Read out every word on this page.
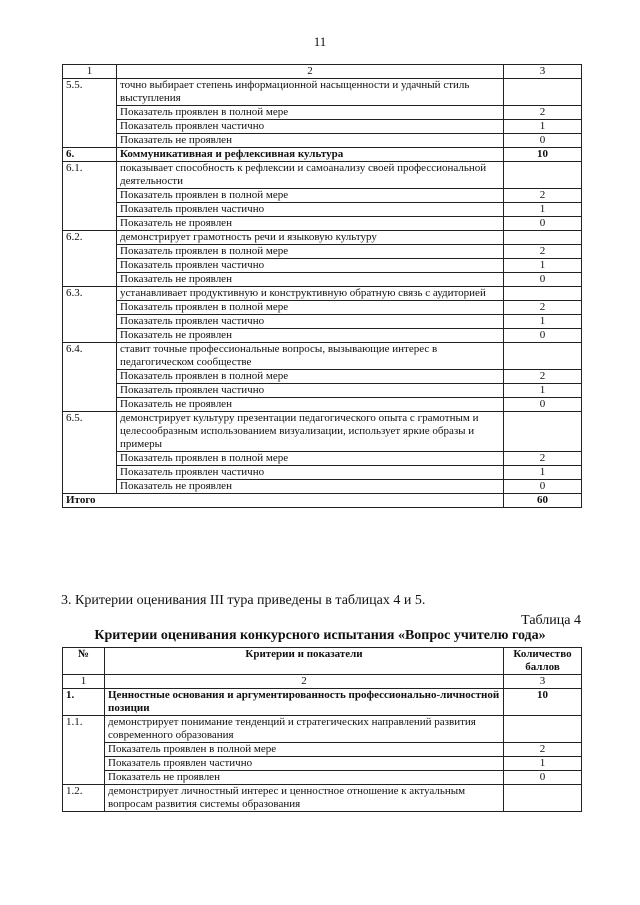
11
1	2	3
5.5.	точно выбирает степень информационной насыщенности и удачный стиль выступления	
	Показатель проявлен в полной мере	2
	Показатель проявлен частично	1
	Показатель не проявлен	0
6.	Коммуникативная и рефлексивная культура	10
6.1.	показывает способность к рефлексии и самоанализу своей профессиональной деятельности	
	Показатель проявлен в полной мере	2
	Показатель проявлен частично	1
	Показатель не проявлен	0
6.2.	демонстрирует грамотность речи и языковую культуру	
	Показатель проявлен в полной мере	2
	Показатель проявлен частично	1
	Показатель не проявлен	0
6.3.	устанавливает продуктивную и конструктивную обратную связь с аудиторией	
	Показатель проявлен в полной мере	2
	Показатель проявлен частично	1
	Показатель не проявлен	0
6.4.	ставит точные профессиональные вопросы, вызывающие интерес в педагогическом сообществе	
	Показатель проявлен в полной мере	2
	Показатель проявлен частично	1
	Показатель не проявлен	0
6.5.	демонстрирует культуру презентации педагогического опыта с грамотным и целесообразным использованием визуализации, использует яркие образы и примеры	
	Показатель проявлен в полной мере	2
	Показатель проявлен частично	1
	Показатель не проявлен	0
Итого		60
3. Критерии оценивания III тура приведены в таблицах 4 и 5.
Таблица 4
Критерии оценивания конкурсного испытания «Вопрос учителю года»
№	Критерии и показатели	Количество баллов
1	2	3
1.	Ценностные основания и аргументированность профессионально-личностной позиции	10
1.1.	демонстрирует понимание тенденций и стратегических направлений развития современного образования	
	Показатель проявлен в полной мере	2
	Показатель проявлен частично	1
	Показатель не проявлен	0
1.2.	демонстрирует личностный интерес и ценностное отношение к актуальным вопросам развития системы образования	
